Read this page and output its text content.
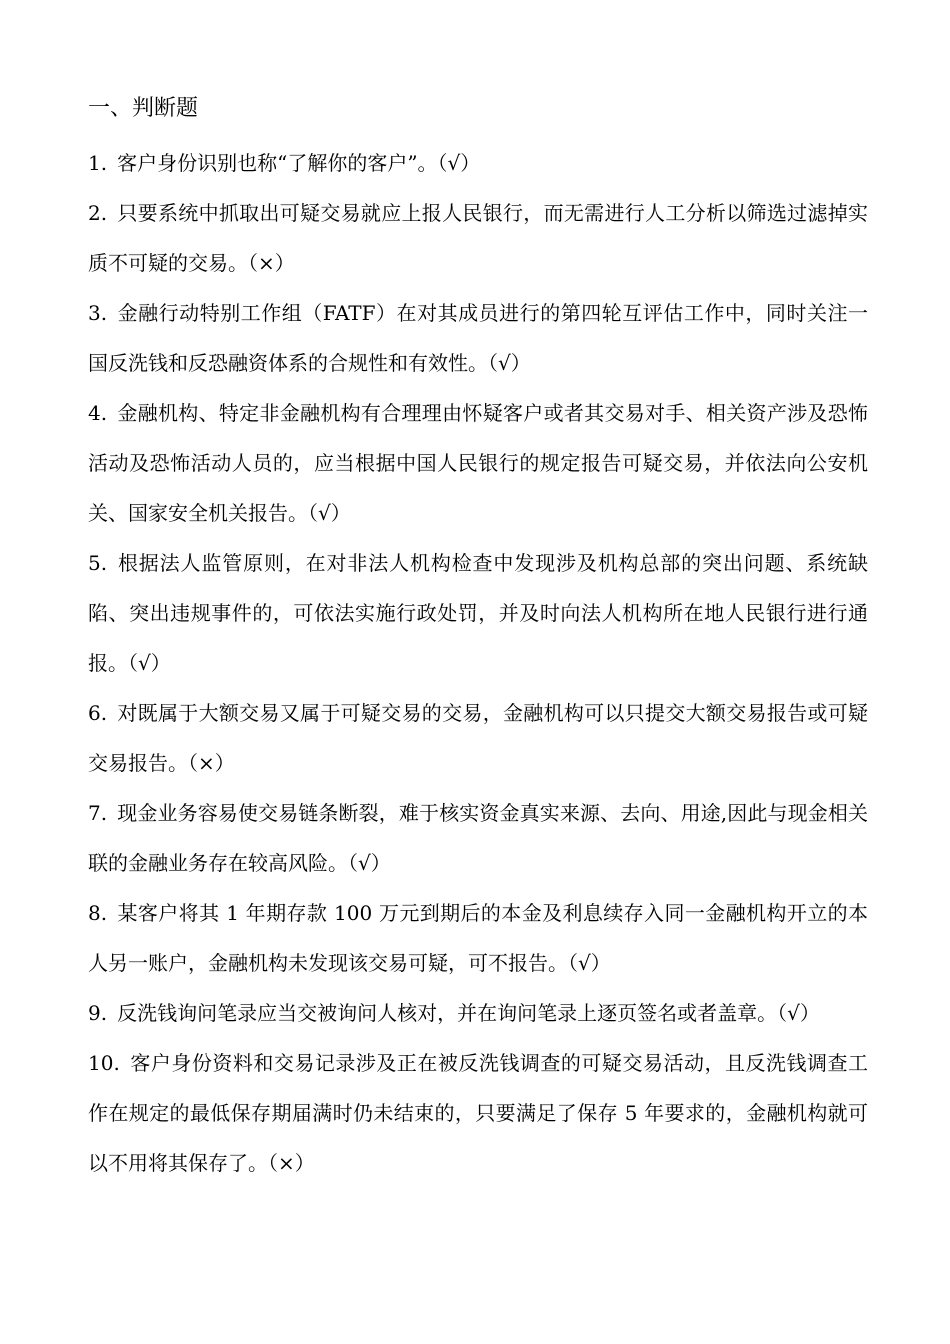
一、判断题

1. 客户身份识别也称“了解你的客户”。（√）

2. 只要系统中抓取出可疑交易就应上报人民银行，而无需进行人工分析以筛选过滤掉实质不可疑的交易。（×）

3. 金融行动特别工作组（FATF）在对其成员进行的第四轮互评估工作中，同时关注一国反洗钱和反恐融资体系的合规性和有效性。（√）

4. 金融机构、特定非金融机构有合理理由怀疑客户或者其交易对手、相关资产涉及恐怖活动及恐怖活动人员的，应当根据中国人民银行的规定报告可疑交易，并依法向公安机关、国家安全机关报告。（√）

5. 根据法人监管原则，在对非法人机构检查中发现涉及机构总部的突出问题、系统缺陷、突出违规事件的，可依法实施行政处罚，并及时向法人机构所在地人民银行进行通报。（√）

6. 对既属于大额交易又属于可疑交易的交易，金融机构可以只提交大额交易报告或可疑交易报告。（×）

7. 现金业务容易使交易链条断裂，难于核实资金真实来源、去向、用途,因此与现金相关联的金融业务存在较高风险。（√）

8. 某客户将其 1 年期存款 100 万元到期后的本金及利息续存入同一金融机构开立的本人另一账户，金融机构未发现该交易可疑，可不报告。（√）

9. 反洗钱询问笔录应当交被询问人核对，并在询问笔录上逐页签名或者盖章。（√）

10. 客户身份资料和交易记录涉及正在被反洗钱调查的可疑交易活动，且反洗钱调查工作在规定的最低保存期届满时仍未结束的，只要满足了保存 5 年要求的，金融机构就可以不用将其保存了。（×）
